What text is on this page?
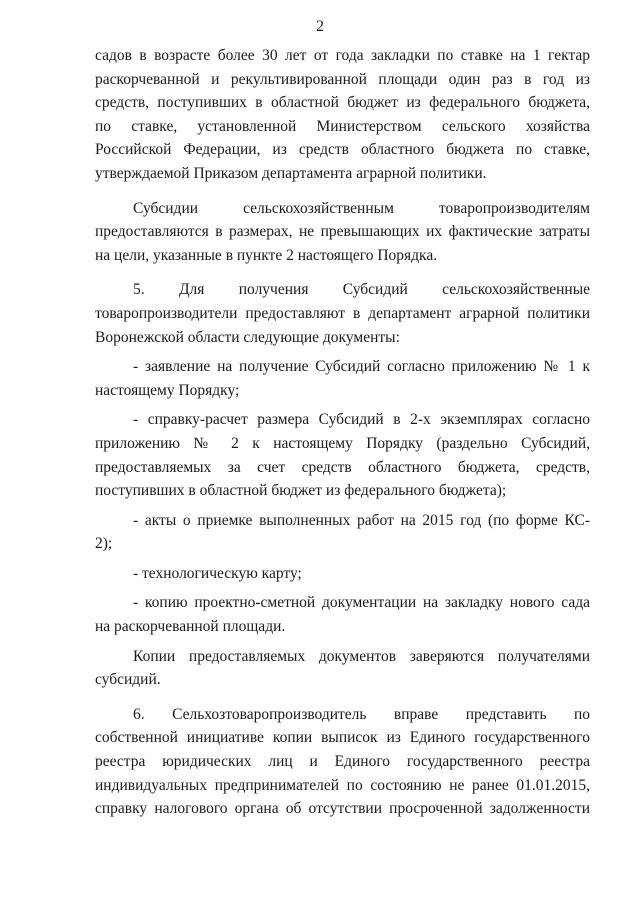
2
садов в возрасте более 30 лет от года закладки по ставке на 1 гектар
раскорчеванной и рекультивированной площади один раз в год из
средств, поступивших в областной бюджет из федерального бюджета,
по ставке, установленной Министерством сельского хозяйства
Российской Федерации, из средств областного бюджета по ставке,
утверждаемой Приказом департамента аграрной политики.
Субсидии сельскохозяйственным товаропроизводителям
предоставляются в размерах, не превышающих их фактические затраты
на цели, указанные в пункте 2 настоящего Порядка.
5. Для получения Субсидий сельскохозяйственные
товаропроизводители предоставляют в департамент аграрной политики
Воронежской области следующие документы:
- заявление на получение Субсидий согласно приложению № 1 к
настоящему Порядку;
- справку-расчет размера Субсидий в 2-х экземплярах согласно
приложению № 2 к настоящему Порядку (раздельно Субсидий,
предоставляемых за счет средств областного бюджета, средств,
поступивших в областной бюджет из федерального бюджета);
- акты о приемке выполненных работ на 2015 год (по форме КС-
2);
- технологическую карту;
- копию проектно-сметной документации на закладку нового сада
на раскорчеванной площади.
Копии предоставляемых документов заверяются получателями
субсидий.
6. Сельхозтоваропроизводитель вправе представить по
собственной инициативе копии выписок из Единого государственного
реестра юридических лиц и Единого государственного реестра
индивидуальных предпринимателей по состоянию не ранее 01.01.2015,
справку налогового органа об отсутствии просроченной задолженности
